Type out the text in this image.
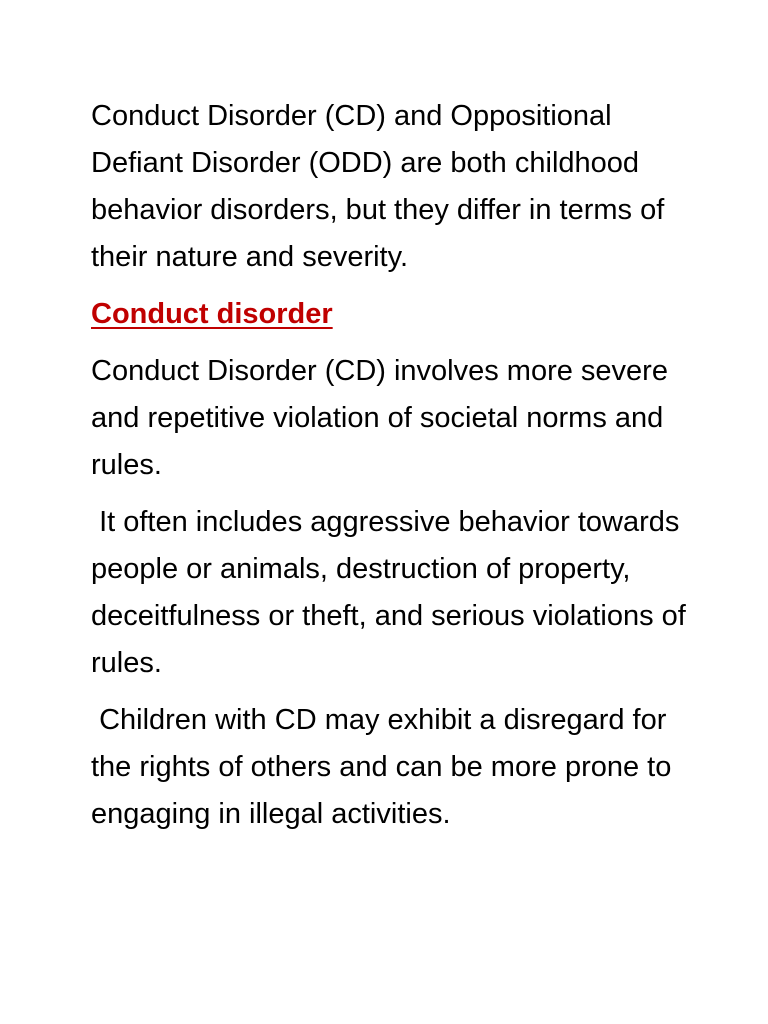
Conduct Disorder (CD) and Oppositional Defiant Disorder (ODD) are both childhood behavior disorders, but they differ in terms of their nature and severity.

Conduct disorder

Conduct Disorder (CD) involves more severe and repetitive violation of societal norms and rules.

It often includes aggressive behavior towards people or animals, destruction of property, deceitfulness or theft, and serious violations of rules.

Children with CD may exhibit a disregard for the rights of others and can be more prone to engaging in illegal activities.
